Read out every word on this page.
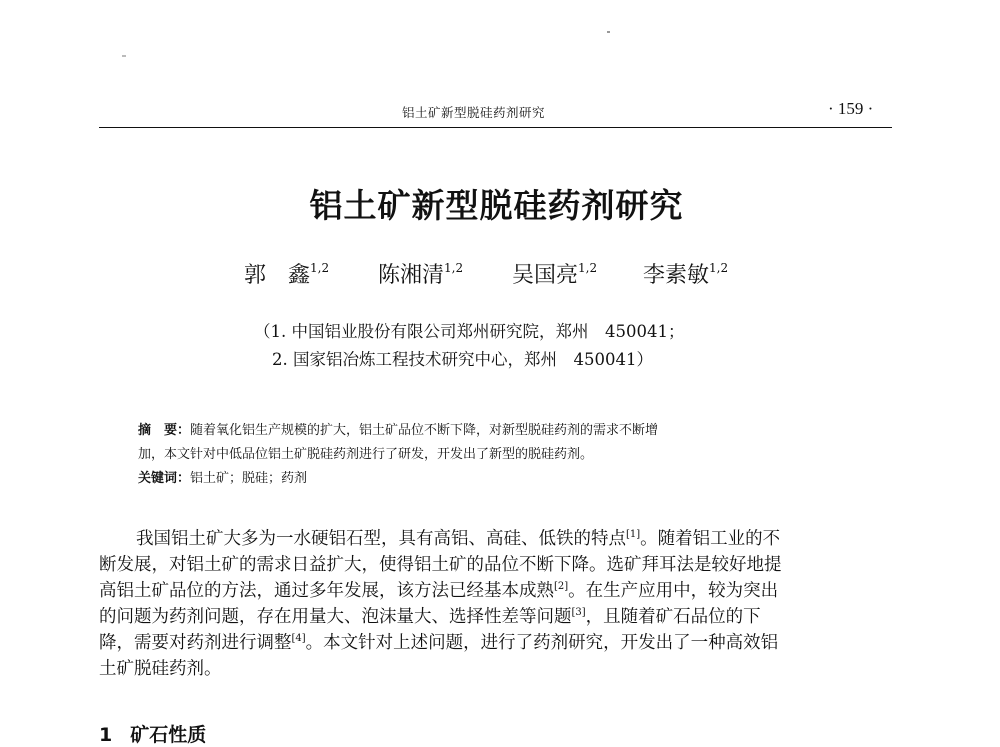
铝土矿新型脱硅药剂研究	· 159 ·
铝土矿新型脱硅药剂研究
郭　鑫$^{1,2}$ 陈湘清$^{1,2}$ 吴国亮$^{1,2}$ 李素敏$^{1,2}$
（1. 中国铝业股份有限公司郑州研究院，郑州　450041；
2. 国家铝冶炼工程技术研究中心，郑州　450041）
摘　要：随着氧化铝生产规模的扩大，铝土矿品位不断下降，对新型脱硅药剂的需求不断增
加，本文针对中低品位铝土矿脱硅药剂进行了研发，开发出了新型的脱硅药剂。
关键词：铝土矿；脱硅；药剂
我国铝土矿大多为一水硬铝石型，具有高铝、高硅、低铁的特点[1]。随着铝工业的不
断发展，对铝土矿的需求日益扩大，使得铝土矿的品位不断下降。选矿拜耳法是较好地提
高铝土矿品位的方法，通过多年发展，该方法已经基本成熟[2]。在生产应用中，较为突出
的问题为药剂问题，存在用量大、泡沫量大、选择性差等问题[3]，且随着矿石品位的下
降，需要对药剂进行调整[4]。本文针对上述问题，进行了药剂研究，开发出了一种高效铝
土矿脱硅药剂。
1 矿石性质
